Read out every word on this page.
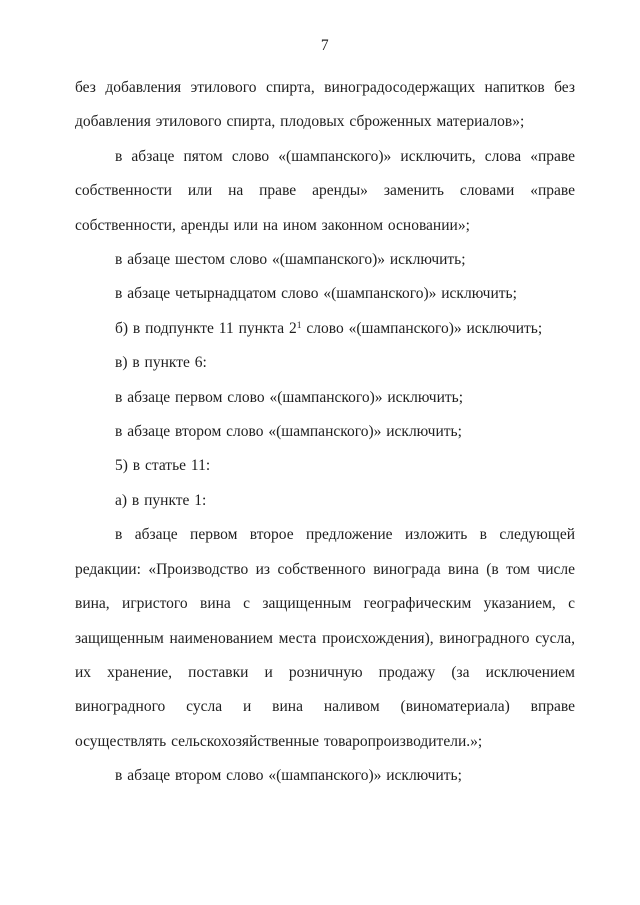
7

без добавления этилового спирта, виноградосодержащих напитков без добавления этилового спирта, плодовых сброженных материалов»;

в абзаце пятом слово «(шампанского)» исключить, слова «праве собственности или на праве аренды» заменить словами «праве собственности, аренды или на ином законном основании»;

в абзаце шестом слово «(шампанского)» исключить;

в абзаце четырнадцатом слово «(шампанского)» исключить;

б) в подпункте 11 пункта $2^1$ слово «(шампанского)» исключить;

в) в пункте 6:

в абзаце первом слово «(шампанского)» исключить;

в абзаце втором слово «(шампанского)» исключить;

5) в статье 11:

а) в пункте 1:

в абзаце первом второе предложение изложить в следующей редакции: «Производство из собственного винограда вина (в том числе вина, игристого вина с защищенным географическим указанием, с защищенным наименованием места происхождения), виноградного сусла, их хранение, поставки и розничную продажу (за исключением виноградного сусла и вина наливом (виноматериала) вправе осуществлять сельскохозяйственные товаропроизводители.»;

в абзаце втором слово «(шампанского)» исключить;
